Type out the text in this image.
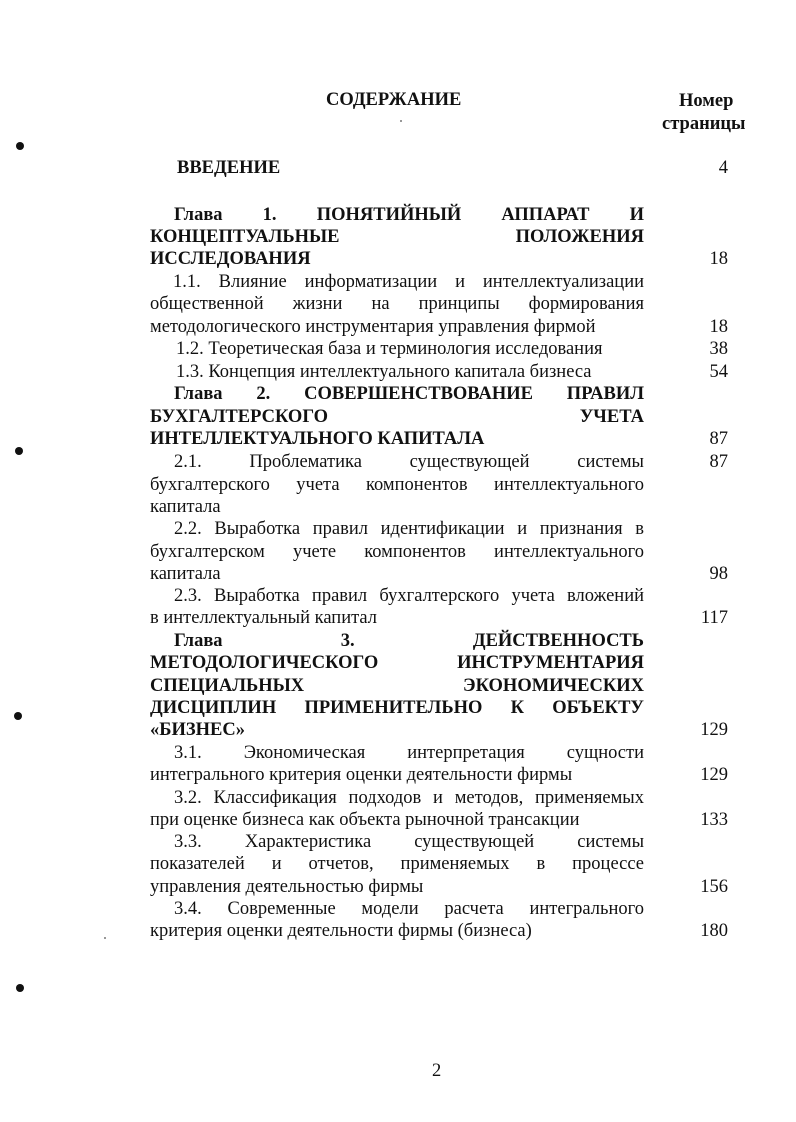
СОДЕРЖАНИЕ	Номер
страницы
ВВЕДЕНИЕ	4
Глава 1. ПОНЯТИЙНЫЙ АППАРАТ И
КОНЦЕПТУАЛЬНЫЕ ПОЛОЖЕНИЯ
ИССЛЕДОВАНИЯ	18
1.1. Влияние информатизации и интеллектуализации
общественной жизни на принципы формирования
методологического инструментария управления фирмой	18
1.2. Теоретическая база и терминология исследования	38
1.3. Концепция интеллектуального капитала бизнеса	54
Глава 2. СОВЕРШЕНСТВОВАНИЕ ПРАВИЛ
БУХГАЛТЕРСКОГО УЧЕТА
ИНТЕЛЛЕКТУАЛЬНОГО КАПИТАЛА	87
2.1. Проблематика существующей системы	87
бухгалтерского учета компонентов интеллектуального
капитала
2.2. Выработка правил идентификации и признания в
бухгалтерском учете компонентов интеллектуального
капитала	98
2.3. Выработка правил бухгалтерского учета вложений
в интеллектуальный капитал	117
Глава 3. ДЕЙСТВЕННОСТЬ
МЕТОДОЛОГИЧЕСКОГО ИНСТРУМЕНТАРИЯ
СПЕЦИАЛЬНЫХ ЭКОНОМИЧЕСКИХ
ДИСЦИПЛИН ПРИМЕНИТЕЛЬНО К ОБЪЕКТУ
«БИЗНЕС»	129
3.1. Экономическая интерпретация сущности
интегрального критерия оценки деятельности фирмы	129
3.2. Классификация подходов и методов, применяемых
при оценке бизнеса как объекта рыночной трансакции	133
3.3. Характеристика существующей системы
показателей и отчетов, применяемых в процессе
управления деятельностью фирмы	156
3.4. Современные модели расчета интегрального
критерия оценки деятельности фирмы (бизнеса)	180
2
